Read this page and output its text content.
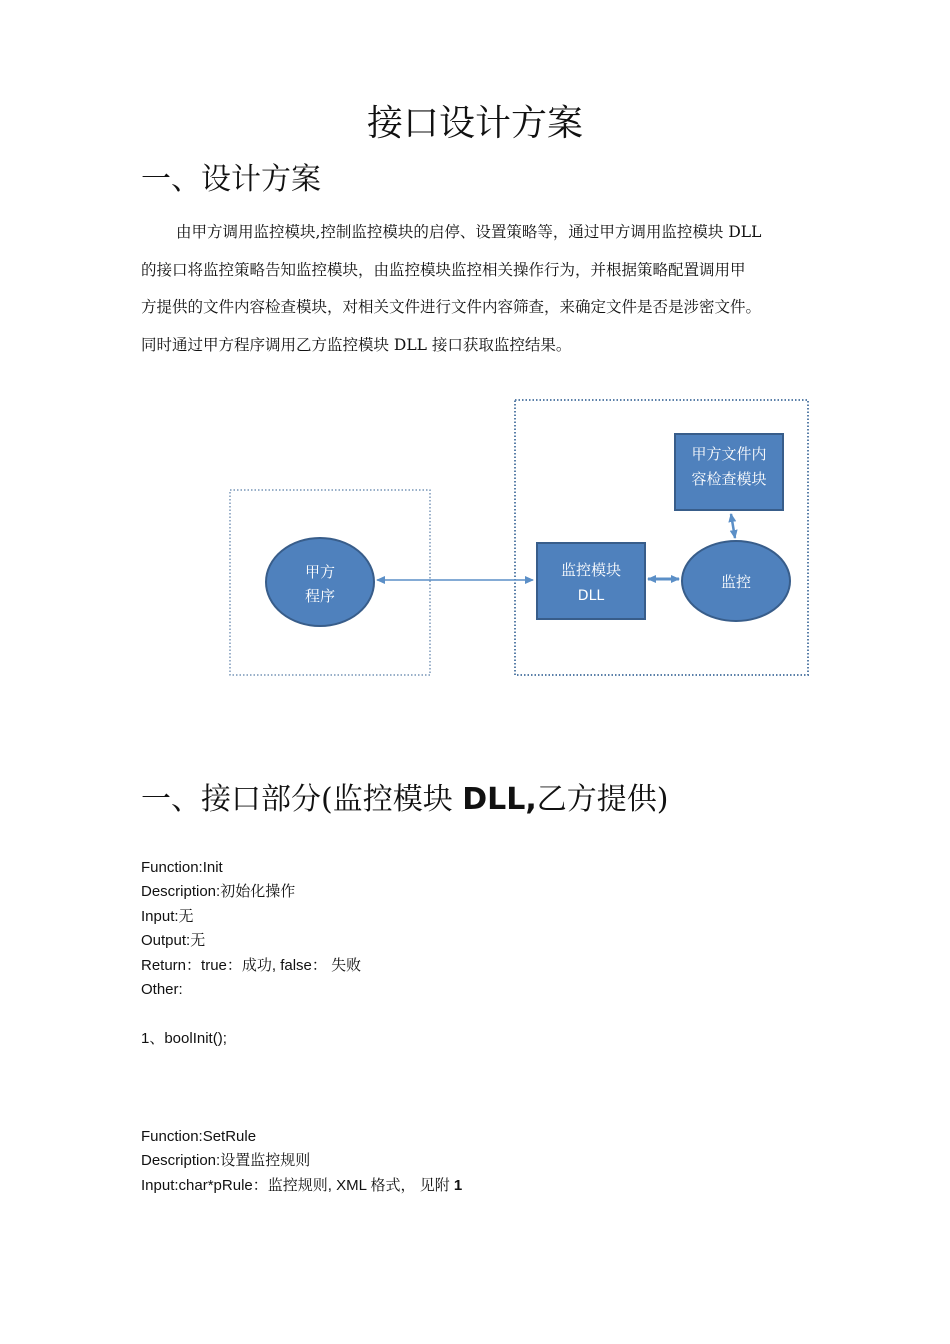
接口设计方案
一、设计方案

由甲方调用监控模块,控制监控模块的启停、设置策略等，通过甲方调用监控模块 DLL

的接口将监控策略告知监控模块，由监控模块监控相关操作行为，并根据策略配置调用甲

方提供的文件内容检查模块，对相关文件进行文件内容筛查，来确定文件是否是涉密文件。

同时通过甲方程序调用乙方监控模块 DLL 接口获取监控结果。

甲方
程序
监控模块
DLL
监控
甲方文件内
容检查模块
一、接口部分(监控模块 DLL,乙方提供)
Function:Init
Description:初始化操作
Input:无
Output:无
Return：true：成功, false： 失败
Other:
1、boolInit();
Function:SetRule
Description:设置监控规则
Input:char*pRule：监控规则, XML 格式， 见附 1
